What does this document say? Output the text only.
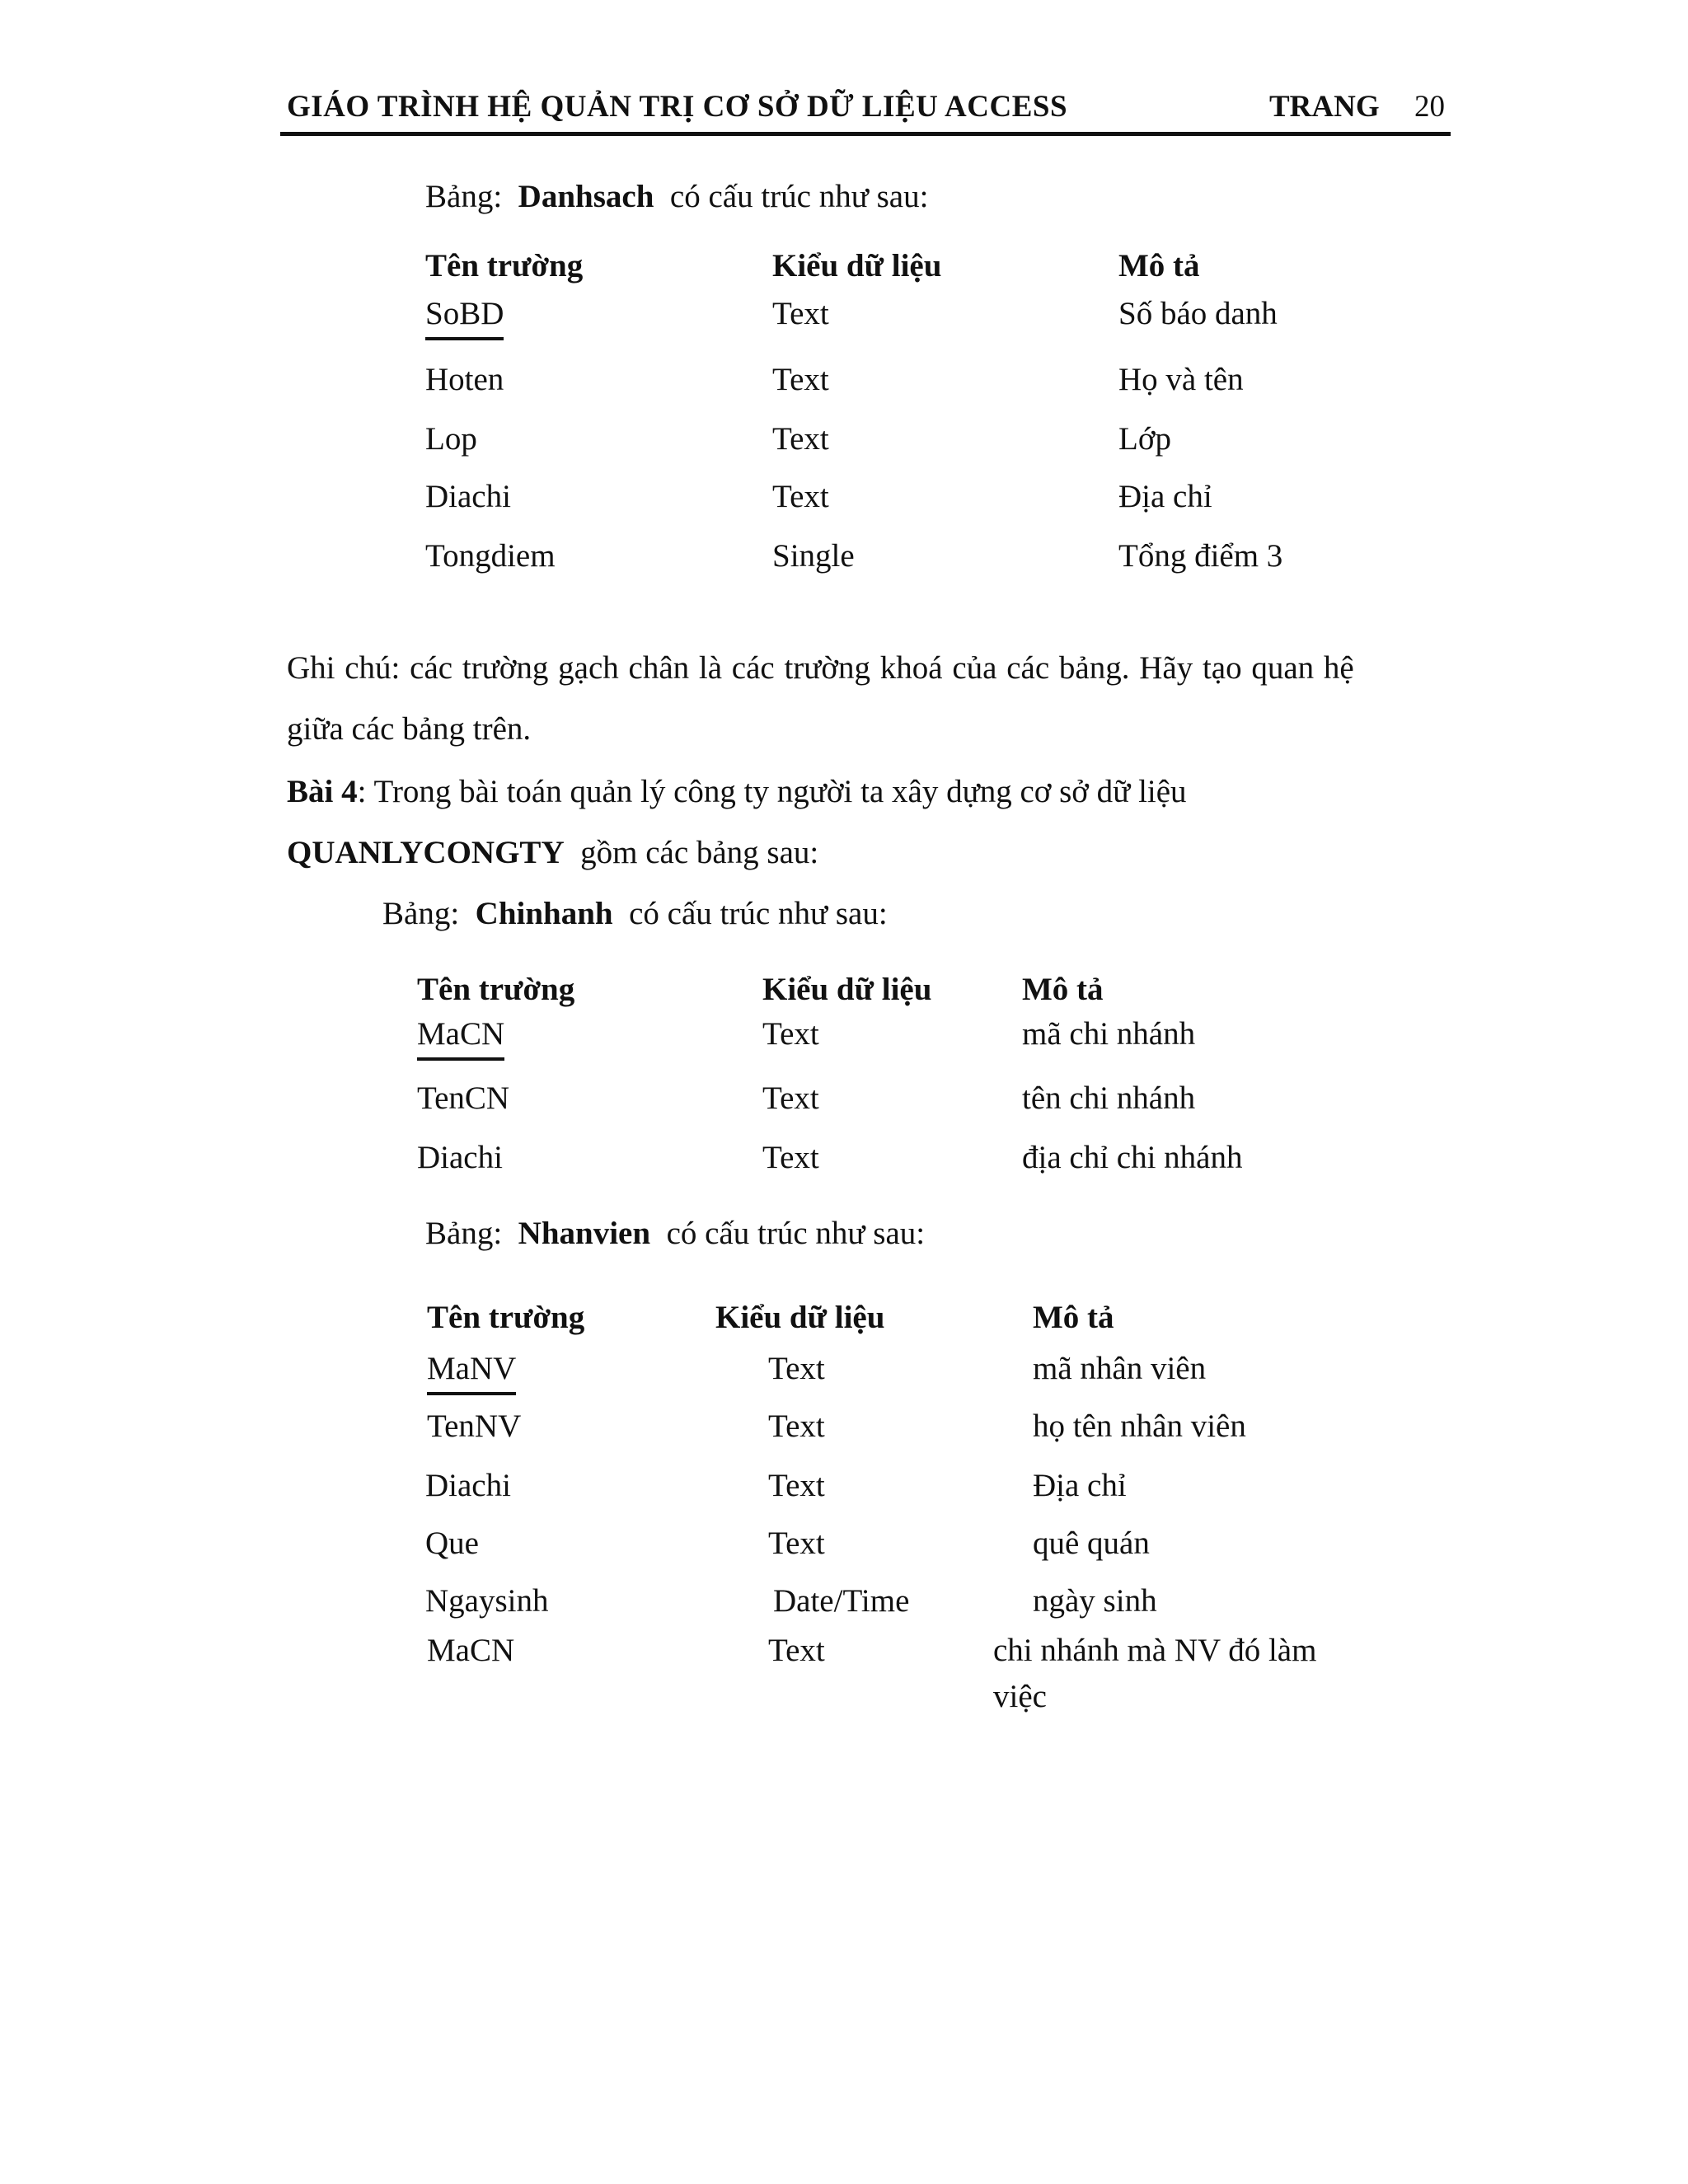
GIÁO TRÌNH HỆ QUẢN TRỊ CƠ SỞ DỮ LIỆU ACCESS	TRANG 20
Bảng: Danhsach có cấu trúc như sau:
Tên trường	Kiểu dữ liệu	Mô tả
SoBD	Text	Số báo danh
Hoten	Text	Họ và tên
Lop	Text	Lớp
Diachi	Text	Địa chỉ
Tongdiem	Single	Tổng điểm 3
Ghi chú: các trường gạch chân là các trường khoá của các bảng. Hãy tạo quan hệ
giữa các bảng trên.
Bài 4: Trong bài toán quản lý công ty người ta xây dựng cơ sở dữ liệu
QUANLYCONGTY gồm các bảng sau:
Bảng: Chinhanh có cấu trúc như sau:
Tên trường	Kiểu dữ liệu	Mô tả
MaCN	Text	mã chi nhánh
TenCN	Text	tên chi nhánh
Diachi	Text	địa chỉ chi nhánh
Bảng: Nhanvien có cấu trúc như sau:
Tên trường	Kiểu dữ liệu	Mô tả
MaNV	Text	mã nhân viên
TenNV	Text	họ tên nhân viên
Diachi	Text	Địa chỉ
Que	Text	quê quán
Ngaysinh	Date/Time	ngày sinh
MaCN	Text	chi nhánh mà NV đó làm
việc
